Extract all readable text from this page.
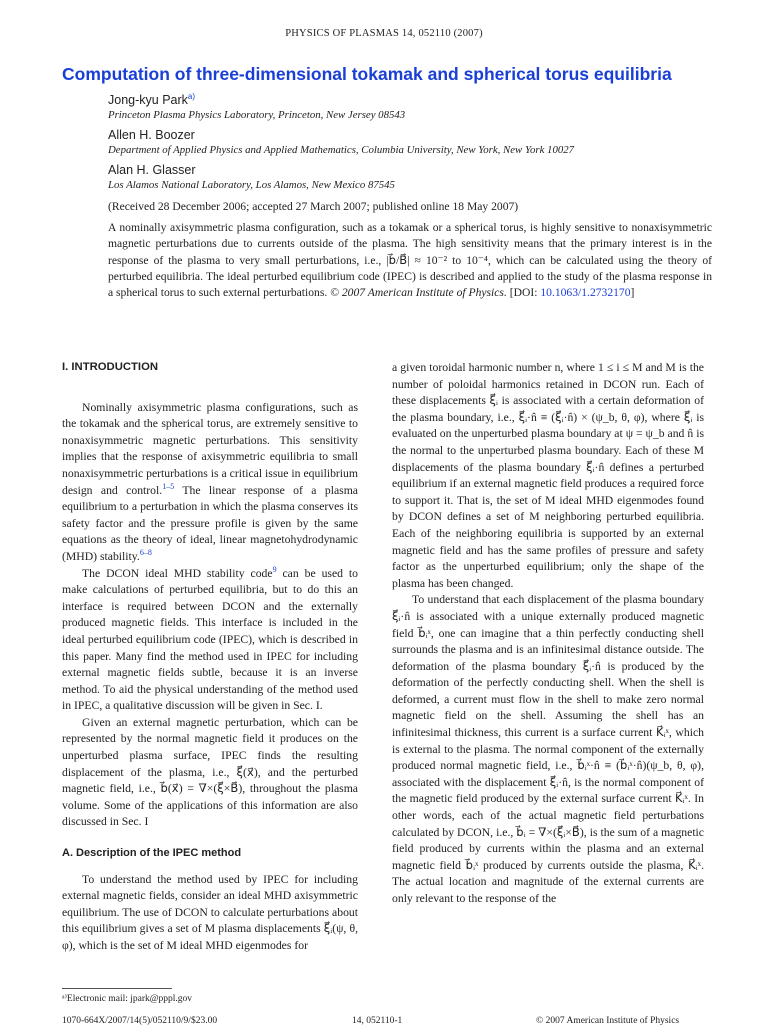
PHYSICS OF PLASMAS 14, 052110 (2007)
Computation of three-dimensional tokamak and spherical torus equilibria
Jong-kyu Park$^{a)}$
Princeton Plasma Physics Laboratory, Princeton, New Jersey 08543
Allen H. Boozer
Department of Applied Physics and Applied Mathematics, Columbia University, New York, New York 10027
Alan H. Glasser
Los Alamos National Laboratory, Los Alamos, New Mexico 87545
(Received 28 December 2006; accepted 27 March 2007; published online 18 May 2007)
A nominally axisymmetric plasma configuration, such as a tokamak or a spherical torus, is highly sensitive to nonaxisymmetric magnetic perturbations due to currents outside of the plasma. The high sensitivity means that the primary interest is in the response of the plasma to very small perturbations, i.e., |b⃗/B⃗| ≈ 10⁻² to 10⁻⁴, which can be calculated using the theory of perturbed equilibria. The ideal perturbed equilibrium code (IPEC) is described and applied to the study of the plasma response in a spherical torus to such external perturbations. © 2007 American Institute of Physics. [DOI: 10.1063/1.2732170]
I. INTRODUCTION

Nominally axisymmetric plasma configurations, such as the tokamak and the spherical torus, are extremely sensitive to nonaxisymmetric magnetic perturbations. This sensitivity implies that the response of axisymmetric equilibria to small nonaxisymmetric perturbations is a critical issue in equilibrium design and control.$^{1-5}$ The linear response of a plasma equilibrium to a perturbation in which the plasma conserves its safety factor and the pressure profile is given by the same equations as the theory of ideal, linear magnetohydrodynamic (MHD) stability.$^{6-8}$

The DCON ideal MHD stability code$^9$ can be used to make calculations of perturbed equilibria, but to do this an interface is required between DCON and the externally produced magnetic fields. This interface is included in the ideal perturbed equilibrium code (IPEC), which is described in this paper. Many find the method used in IPEC for including external magnetic fields subtle, because it is an inverse method. To aid the physical understanding of the method used in IPEC, a qualitative discussion will be given in Sec. I.

Given an external magnetic perturbation, which can be represented by the normal magnetic field it produces on the unperturbed plasma surface, IPEC finds the resulting displacement of the plasma, i.e., ξ⃗(x⃗), and the perturbed magnetic field, i.e., b⃗(x⃗) = ∇×(ξ⃗×B⃗), throughout the plasma volume. Some of the applications of this information are also discussed in Sec. I

A. Description of the IPEC method

To understand the method used by IPEC for including external magnetic fields, consider an ideal MHD axisymmetric equilibrium. The use of DCON to calculate perturbations about this equilibrium gives a set of M plasma displacements ξ⃗ᵢ(ψ, θ, φ), which is the set of M ideal MHD eigenmodes for

a given toroidal harmonic number n, where 1 ≤ i ≤ M and M is the number of poloidal harmonics retained in DCON run. Each of these displacements ξ⃗ᵢ is associated with a certain deformation of the plasma boundary, i.e., ξ⃗ᵢ·n̂ ≡ (ξ⃗ᵢ·n̂) × (ψ_b, θ, φ), where ξ⃗ᵢ is evaluated on the unperturbed plasma boundary at ψ = ψ_b and n̂ is the normal to the unperturbed plasma boundary. Each of these M displacements of the plasma boundary ξ⃗ᵢ·n̂ defines a perturbed equilibrium if an external magnetic field produces a required force to support it. That is, the set of M ideal MHD eigenmodes found by DCON defines a set of M neighboring perturbed equilibria. Each of the neighboring equilibria is supported by an external magnetic field and has the same profiles of pressure and safety factor as the unperturbed equilibrium; only the shape of the plasma has been changed.

To understand that each displacement of the plasma boundary ξ⃗ᵢ·n̂ is associated with a unique externally produced magnetic field b⃗ᵢˣ, one can imagine that a thin perfectly conducting shell surrounds the plasma and is an infinitesimal distance outside. The deformation of the plasma boundary ξ⃗ᵢ·n̂ is produced by the deformation of the perfectly conducting shell. When the shell is deformed, a current must flow in the shell to make zero normal magnetic field on the shell. Assuming the shell has an infinitesimal thickness, this current is a surface current K⃗ᵢˣ, which is external to the plasma. The normal component of the externally produced normal magnetic field, i.e., b⃗ᵢˣ·n̂ ≡ (b⃗ᵢˣ·n̂)(ψ_b, θ, φ), associated with the displacement ξ⃗ᵢ·n̂, is the normal component of the magnetic field produced by the external surface current K⃗ᵢˣ. In other words, each of the actual magnetic field perturbations calculated by DCON, i.e., b⃗ᵢ = ∇×(ξ⃗ᵢ×B⃗), is the sum of a magnetic field produced by currents within the plasma and an external magnetic field b⃗ᵢˣ produced by currents outside the plasma, K⃗ᵢˣ. The actual location and magnitude of the external currents are only relevant to the response of the

ᵃ⁾Electronic mail: jpark@pppl.gov
1070-664X/2007/14(5)/052110/9/$23.00	14, 052110-1	© 2007 American Institute of Physics
